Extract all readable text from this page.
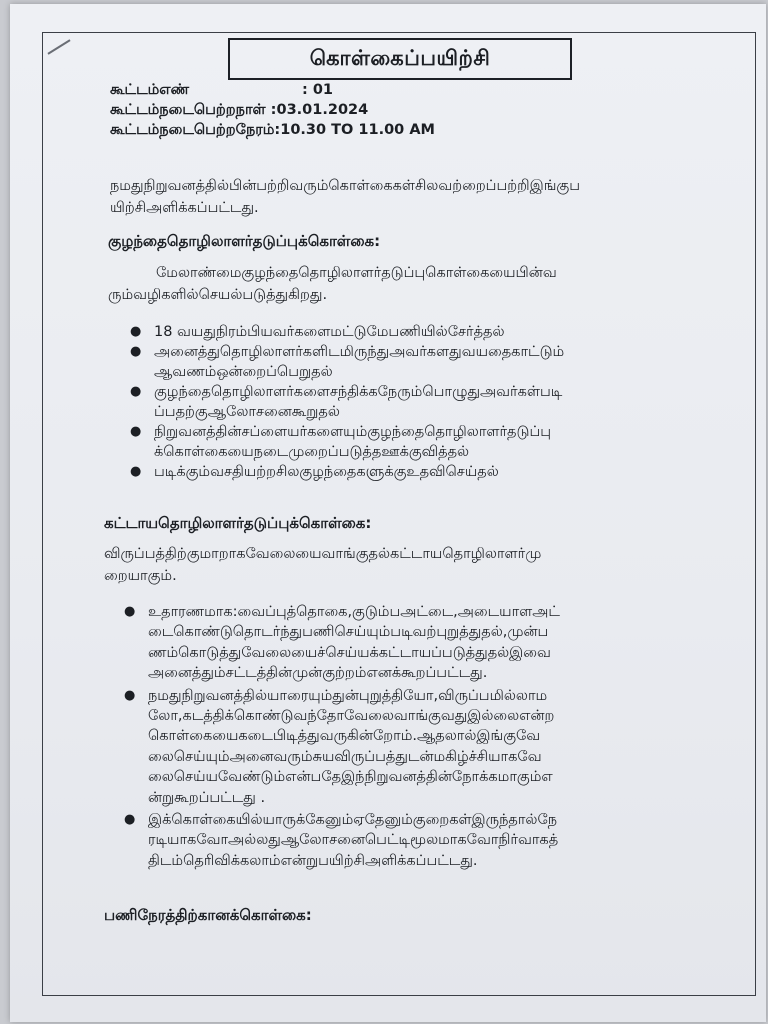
கொள்கைப்பயிற்சி
கூட்டம்எண்	: 01
கூட்டம்நடைபெற்றநாள் :03.01.2024
கூட்டம்நடைபெற்றநேரம்:10.30 TO 11.00 AM
நமதுநிறுவனத்தில்பின்பற்றிவரும்கொள்கைகள்சிலவற்றைப்பற்றிஇங்குப
யிற்சிஅளிக்கப்பட்டது.
குழந்தைதொழிலாளர்தடுப்புக்கொள்கை:
மேலாண்மைகுழந்தைதொழிலாளர்தடுப்புகொள்கையைபின்வ
ரும்வழிகளில்செயல்படுத்துகிறது.
● 18 வயதுநிரம்பியவர்களைமட்டுமேபணியில்சேர்த்தல்
● அனைத்துதொழிலாளர்களிடமிருந்துஅவர்களதுவயதைகாட்டும்
ஆவணம்ஒன்றைப்பெறுதல்
● குழந்தைதொழிலாளர்களைசந்திக்கநேரும்பொழுதுஅவர்கள்படி
ப்பதற்குஆலோசனைகூறுதல்
● நிறுவனத்தின்சப்ளையர்களையும்குழந்தைதொழிலாளர்தடுப்பு
க்கொள்கையைநடைமுறைப்படுத்தஊக்குவித்தல்
● படிக்கும்வசதியற்றசிலகுழந்தைகளுக்குஉதவிசெய்தல்
கட்டாயதொழிலாளர்தடுப்புக்கொள்கை:
விருப்பத்திற்குமாறாகவேலையைவாங்குதல்கட்டாயதொழிலாளர்மு
றையாகும்.
● உதாரணமாக:வைப்புத்தொகை,குடும்பஅட்டை,அடையாளஅட்
டைகொண்டுதொடர்ந்துபணிசெய்யும்படிவற்புறுத்துதல்,முன்ப
ணம்கொடுத்துவேலையைச்செய்யக்கட்டாயப்படுத்துதல்இவை
அனைத்தும்சட்டத்தின்முன்குற்றம்எனக்கூறப்பட்டது.
● நமதுநிறுவனத்தில்யாரையும்துன்புறுத்தியோ,விருப்பமில்லாம
லோ,கடத்திக்கொண்டுவந்தோவேலைவாங்குவதுஇல்லைஎன்ற
கொள்கையைகடைபிடித்துவருகின்றோம்.ஆதலால்இங்குவே
லைசெய்யும்அனைவரும்சுயவிருப்பத்துடன்மகிழ்ச்சியாகவே
லைசெய்யவேண்டும்என்பதேஇந்நிறுவனத்தின்நோக்கமாகும்எ
ன்றுகூறப்பட்டது .
● இக்கொள்கையில்யாருக்கேனும்ஏதேனும்குறைகள்இருந்தால்நே
ரடியாகவோஅல்லதுஆலோசனைபெட்டிமூலமாகவோநிர்வாகத்
திடம்தெரிவிக்கலாம்என்றுபயிற்சிஅளிக்கப்பட்டது.
பணிநேரத்திற்கானக்கொள்கை:
